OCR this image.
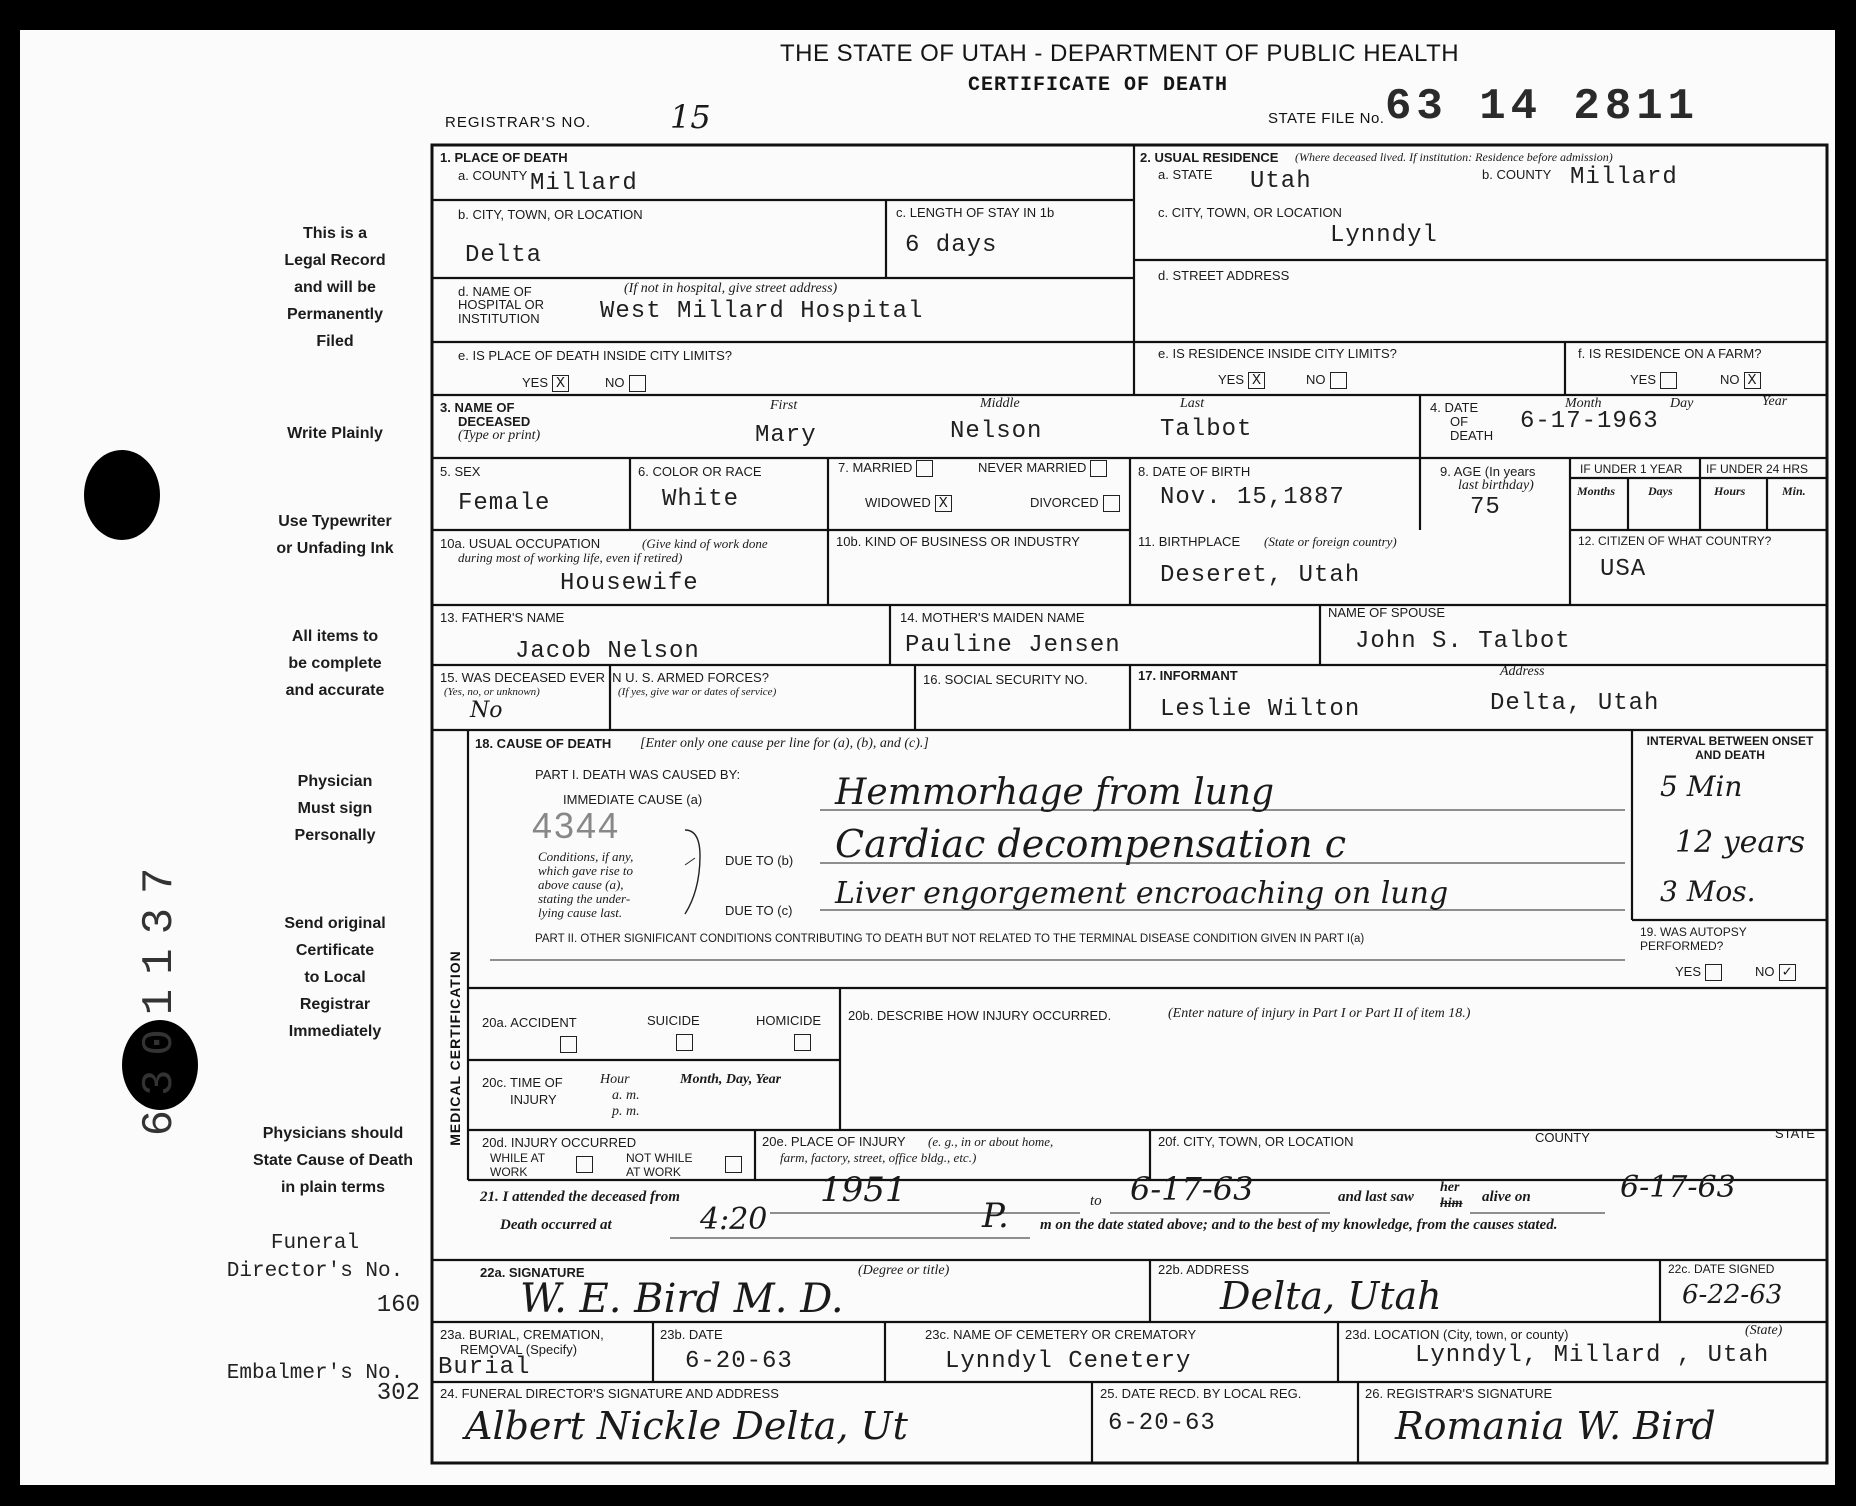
THE STATE OF UTAH - DEPARTMENT OF PUBLIC HEALTH
CERTIFICATE OF DEATH
REGISTRAR'S NO. 15	STATE FILE No. 63 14 2811
This is a
Legal Record
and will be
Permanently
Filed
Write Plainly
Use Typewriter
or Unfading Ink
All items to
be complete
and accurate
Physician
Must sign
Personally
Send original
Certificate
to Local
Registrar
Immediately
Physicians should
State Cause of Death
in plain terms
Funeral
Director's No.
160
Embalmer's No.
302
6301137
1. PLACE OF DEATH
a. COUNTY Millard
b. CITY, TOWN, OR LOCATION
Delta
c. LENGTH OF STAY IN 1b
6 days
d. NAME OF
HOSPITAL OR
INSTITUTION
(If not in hospital, give street address)
West Millard Hospital
e. IS PLACE OF DEATH INSIDE CITY LIMITS?
YES X	NO
2. USUAL RESIDENCE (Where deceased lived. If institution: Residence before admission)
a. STATE Utah	b. COUNTY Millard
c. CITY, TOWN, OR LOCATION
Lynndyl
d. STREET ADDRESS
e. IS RESIDENCE INSIDE CITY LIMITS?
YES X	NO
f. IS RESIDENCE ON A FARM?
YES	NO X
3. NAME OF
DECEASED
(Type or print)
First	Middle	Last
Mary	Nelson	Talbot
4. DATE
OF
DEATH
Month	Day	Year
6-17-1963
5. SEX
Female
6. COLOR OR RACE
White
7. MARRIED	NEVER MARRIED
WIDOWED X	DIVORCED
8. DATE OF BIRTH
Nov. 15,1887
9. AGE (In years
last birthday)
75
IF UNDER 1 YEAR IF UNDER 24 HRS
Months	Days	Hours	Min.
10a. USUAL OCCUPATION	(Give kind of work done
during most of working life, even if retired)
Housewife
10b. KIND OF BUSINESS OR INDUSTRY	11. BIRTHPLACE (State or foreign country)
Deseret, Utah
12. CITIZEN OF WHAT COUNTRY?
USA
13. FATHER'S NAME
Jacob Nelson
14. MOTHER'S MAIDEN NAME
Pauline Jensen
NAME OF SPOUSE
John S. Talbot
15. WAS DECEASED EVER IN U. S. ARMED FORCES?
(Yes, no, or unknown)	(If yes, give war or dates of service)
No
16. SOCIAL SECURITY NO.	17. INFORMANT
Leslie Wilton
Address
Delta, Utah
MEDICAL CERTIFICATION
18. CAUSE OF DEATH [Enter only one cause per line for (a), (b), and (c).]
PART I. DEATH WAS CAUSED BY:
IMMEDIATE CAUSE (a)	Hemmorhage from lung
4344
Conditions, if any,
which gave rise to
above cause (a),
stating the under-
lying cause last.
DUE TO (b) Cardiac decompensation c
DUE TO (c) Liver engorgement encroaching on lung
PART II. OTHER SIGNIFICANT CONDITIONS CONTRIBUTING TO DEATH BUT NOT RELATED TO THE TERMINAL DISEASE CONDITION GIVEN IN PART I(a)
INTERVAL BETWEEN ONSET AND DEATH
5 Min
12 years
3 Mos.
19. WAS AUTOPSY PERFORMED?
YES	NO ✓
20a. ACCIDENT	SUICIDE	HOMICIDE 20b. DESCRIBE HOW INJURY OCCURRED.	(Enter nature of injury in Part I or Part II of item 18.)
20c. TIME OF
INJURY
Hour
a. m.
p. m.
Month, Day, Year
20d. INJURY OCCURRED
WHILE AT
WORK
NOT WHILE
AT WORK
20e. PLACE OF INJURY (e. g., in or about home,
farm, factory, street, office bldg., etc.)
20f. CITY, TOWN, OR LOCATION	COUNTY	STATE
21. I attended the deceased from	1951	to 6-17-63	and last saw
her
him alive on	6-17-63
Death occurred at	4:20	P. m on the date stated above; and to the best of my knowledge, from the causes stated.
22a. SIGNATURE	(Degree or title)
W. E. Bird M. D.
22b. ADDRESS
Delta, Utah
22c. DATE SIGNED
6-22-63
23a. BURIAL, CREMATION,
REMOVAL (Specify)
Burial
23b. DATE
6-20-63
23c. NAME OF CEMETERY OR CREMATORY
Lynndyl Cenetery
23d. LOCATION (City, town, or county)	(State)
Lynndyl, Millard , Utah
24. FUNERAL DIRECTOR'S SIGNATURE AND ADDRESS
Albert Nickle Delta, Ut
25. DATE RECD. BY LOCAL REG.
6-20-63
26. REGISTRAR'S SIGNATURE
Romania W. Bird
